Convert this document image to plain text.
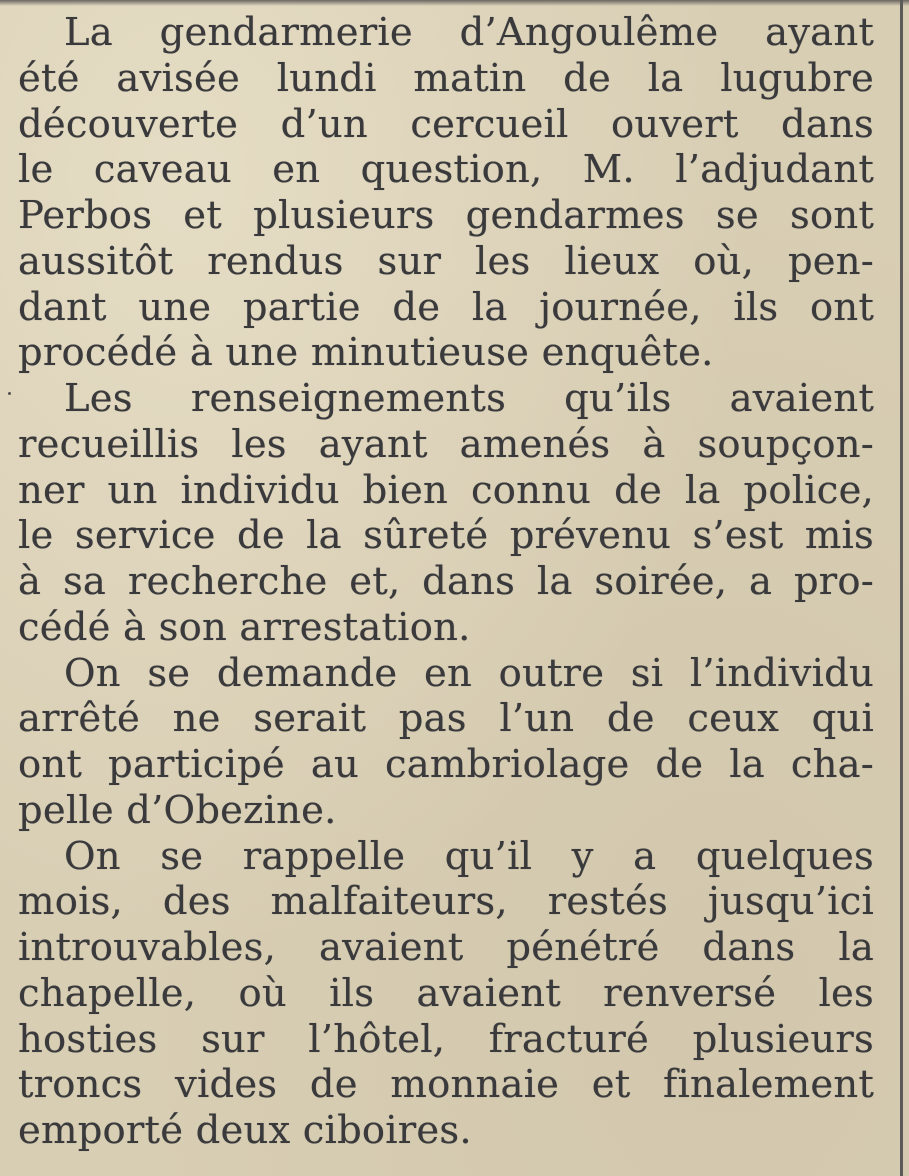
La gendarmerie d’Angoulême ayant
été avisée lundi matin de la lugubre
découverte d’un cercueil ouvert dans
le caveau en question, M. l’adjudant
Perbos et plusieurs gendarmes se sont
aussitôt rendus sur les lieux où, pen-
dant une partie de la journée, ils ont
procédé à une minutieuse enquête.
Les renseignements qu’ils avaient
recueillis les ayant amenés à soupçon-
ner un individu bien connu de la police,
le service de la sûreté prévenu s’est mis
à sa recherche et, dans la soirée, a pro-
cédé à son arrestation.
On se demande en outre si l’individu
arrêté ne serait pas l’un de ceux qui
ont participé au cambriolage de la cha-
pelle d’Obezine.
On se rappelle qu’il y a quelques
mois, des malfaiteurs, restés jusqu’ici
introuvables, avaient pénétré dans la
chapelle, où ils avaient renversé les
hosties sur l’hôtel, fracturé plusieurs
troncs vides de monnaie et finalement
emporté deux ciboires.
